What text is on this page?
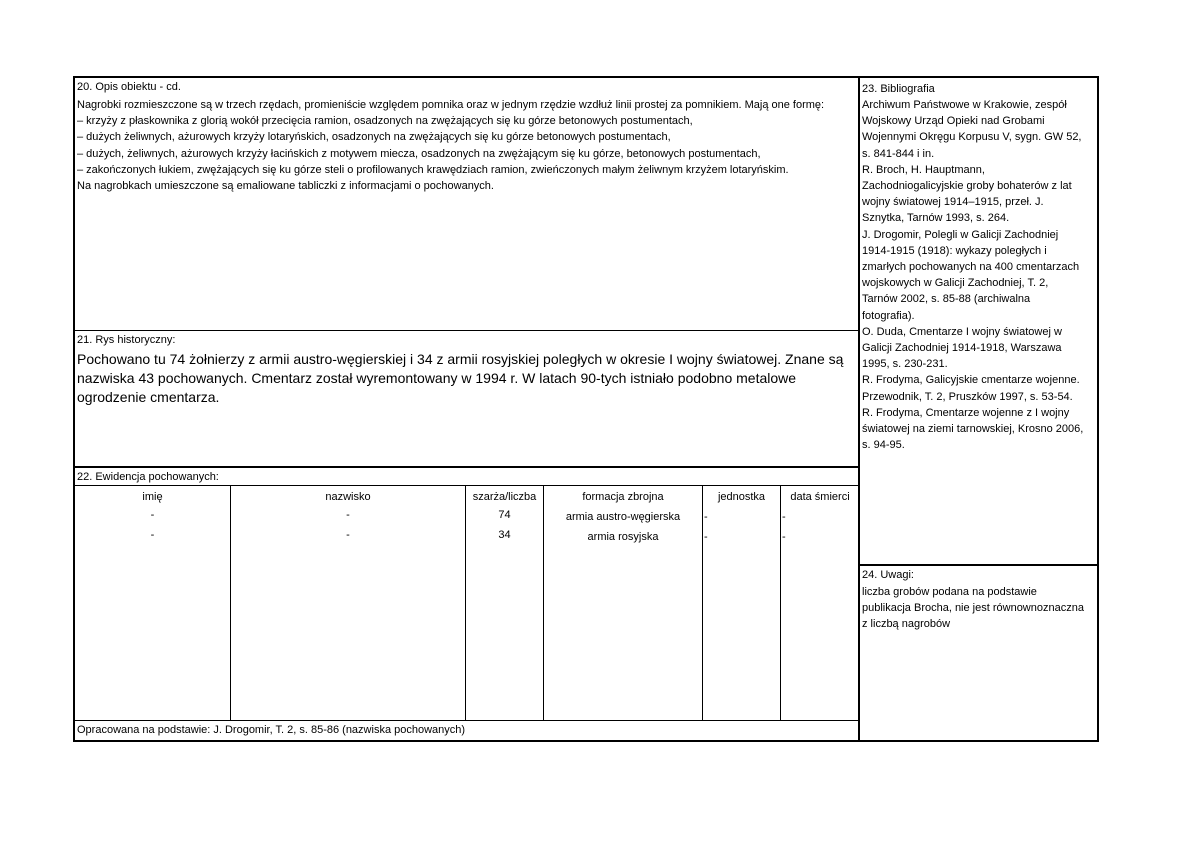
20. Opis obiektu - cd.
Nagrobki rozmieszczone są w trzech rzędach, promieniście względem pomnika oraz w jednym rzędzie wzdłuż linii prostej za pomnikiem. Mają one formę:
– krzyży z płaskownika z glorią wokół przecięcia ramion, osadzonych na zwężających się ku górze betonowych postumentach,
– dużych żeliwnych, ażurowych krzyży lotaryńskich, osadzonych na zwężających się ku górze betonowych postumentach,
– dużych, żeliwnych, ażurowych krzyży łacińskich z motywem miecza, osadzonych na zwężającym się ku górze, betonowych postumentach,
– zakończonych łukiem, zwężających się ku górze steli o profilowanych krawędziach ramion, zwieńczonych małym żeliwnym krzyżem lotaryńskim.
Na nagrobkach umieszczone są emaliowane tabliczki z informacjami o pochowanych.
21. Rys historyczny:
Pochowano tu 74 żołnierzy z armii austro-węgierskiej i 34 z armii rosyjskiej poległych w okresie I wojny światowej. Znane są nazwiska 43 pochowanych. Cmentarz został wyremontowany w 1994 r. W latach 90-tych istniało podobno metalowe ogrodzenie cmentarza.
22. Ewidencja pochowanych:
imię	nazwisko	szarża/liczba	formacja zbrojna	jednostka	data śmierci
-	-	74	armia austro-węgierska	-	-
-	-	34	armia rosyjska	-	-
Opracowana na podstawie: J. Drogomir, T. 2, s. 85-86 (nazwiska pochowanych)
23. Bibliografia
Archiwum Państwowe w Krakowie, zespół
Wojskowy Urząd Opieki nad Grobami
Wojennymi Okręgu Korpusu V, sygn. GW 52,
s. 841-844 i in.
R. Broch, H. Hauptmann,
Zachodniogalicyjskie groby bohaterów z lat
wojny światowej 1914–1915, przeł. J.
Sznytka, Tarnów 1993, s. 264.
J. Drogomir, Polegli w Galicji Zachodniej
1914-1915 (1918): wykazy poległych i
zmarłych pochowanych na 400 cmentarzach
wojskowych w Galicji Zachodniej, T. 2,
Tarnów 2002, s. 85-88 (archiwalna
fotografia).
O. Duda, Cmentarze I wojny światowej w
Galicji Zachodniej 1914-1918, Warszawa
1995, s. 230-231.
R. Frodyma, Galicyjskie cmentarze wojenne.
Przewodnik, T. 2, Pruszków 1997, s. 53-54.
R. Frodyma, Cmentarze wojenne z I wojny
światowej na ziemi tarnowskiej, Krosno 2006,
s. 94-95.
24. Uwagi:
liczba grobów podana na podstawie
publikacja Brocha, nie jest równownoznaczna
z liczbą nagrobów
